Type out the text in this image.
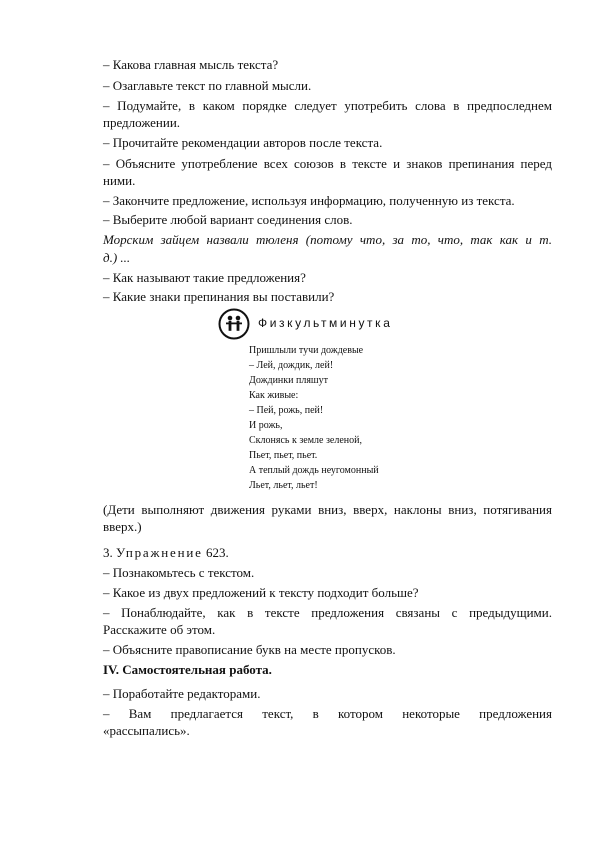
– Какова главная мысль текста?
– Озаглавьте текст по главной мысли.
– Подумайте, в каком порядке следует употребить слова в предпоследнем
предложении.
– Прочитайте рекомендации авторов после текста.
– Объясните употребление всех союзов в тексте и знаков препинания перед
ними.
– Закончите предложение, используя информацию, полученную из текста.
– Выберите любой вариант соединения слов.
Морским зайцем назвали тюленя (потому что, за то, что, так как и т.
д.) ...
– Как называют такие предложения?
– Какие знаки препинания вы поставили?
Физкультминутка
Пришлыли тучи дождевые
– Лей, дождик, лей!
Дождинки пляшут
Как живые:
– Пей, рожь, пей!
И рожь,
Склонясь к земле зеленой,
Пьет, пьет, пьет.
А теплый дождь неугомонный
Льет, льет, льет!
(Дети выполняют движения руками вниз, вверх, наклоны вниз, потягивания
вверх.)
3. Упражнение 623.
– Познакомьтесь с текстом.
– Какое из двух предложений к тексту подходит больше?
– Понаблюдайте, как в тексте предложения связаны с предыдущими.
Расскажите об этом.
– Объясните правописание букв на месте пропусков.
IV. Самостоятельная работа.
– Поработайте редакторами.
– Вам предлагается текст, в котором некоторые предложения
«рассыпались».
